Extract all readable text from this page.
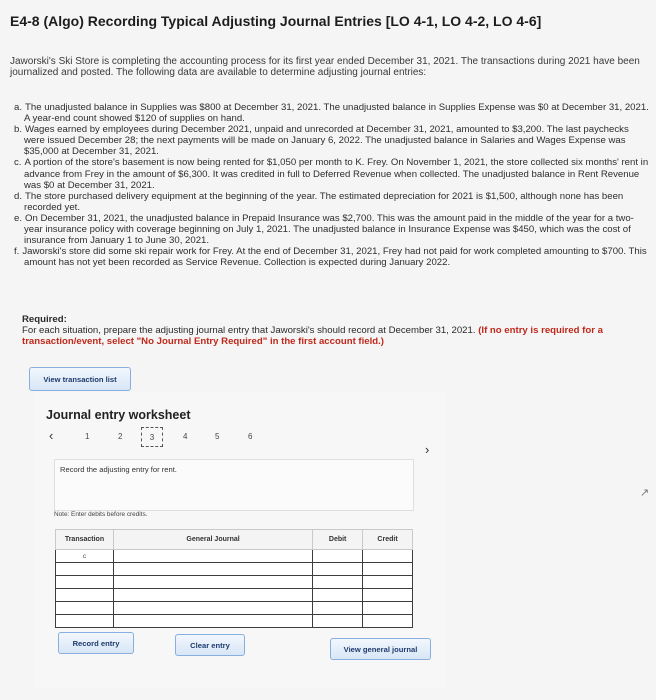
E4-8 (Algo) Recording Typical Adjusting Journal Entries [LO 4-1, LO 4-2, LO 4-6]
Jaworski's Ski Store is completing the accounting process for its first year ended December 31, 2021. The transactions during 2021 have been journalized and posted. The following data are available to determine adjusting journal entries:
a. The unadjusted balance in Supplies was $800 at December 31, 2021. The unadjusted balance in Supplies Expense was $0 at December 31, 2021. A year-end count showed $120 of supplies on hand.
b. Wages earned by employees during December 2021, unpaid and unrecorded at December 31, 2021, amounted to $3,200. The last paychecks were issued December 28; the next payments will be made on January 6, 2022. The unadjusted balance in Salaries and Wages Expense was $35,000 at December 31, 2021.
c. A portion of the store's basement is now being rented for $1,050 per month to K. Frey. On November 1, 2021, the store collected six months' rent in advance from Frey in the amount of $6,300. It was credited in full to Deferred Revenue when collected. The unadjusted balance in Rent Revenue was $0 at December 31, 2021.
d. The store purchased delivery equipment at the beginning of the year. The estimated depreciation for 2021 is $1,500, although none has been recorded yet.
e. On December 31, 2021, the unadjusted balance in Prepaid Insurance was $2,700. This was the amount paid in the middle of the year for a two-year insurance policy with coverage beginning on July 1, 2021. The unadjusted balance in Insurance Expense was $450, which was the cost of insurance from January 1 to June 30, 2021.
f. Jaworski's store did some ski repair work for Frey. At the end of December 31, 2021, Frey had not paid for work completed amounting to $700. This amount has not yet been recorded as Service Revenue. Collection is expected during January 2022.
Required:
For each situation, prepare the adjusting journal entry that Jaworski's should record at December 31, 2021. (If no entry is required for a transaction/event, select "No Journal Entry Required" in the first account field.)
View transaction list
Journal entry worksheet
‹	1	2	3	4	5	6
›
Record the adjusting entry for rent.
Note: Enter debits before credits.
Transaction	General Journal	Debit	Credit
c			

Record entry	Clear entry	View general journal
↗
